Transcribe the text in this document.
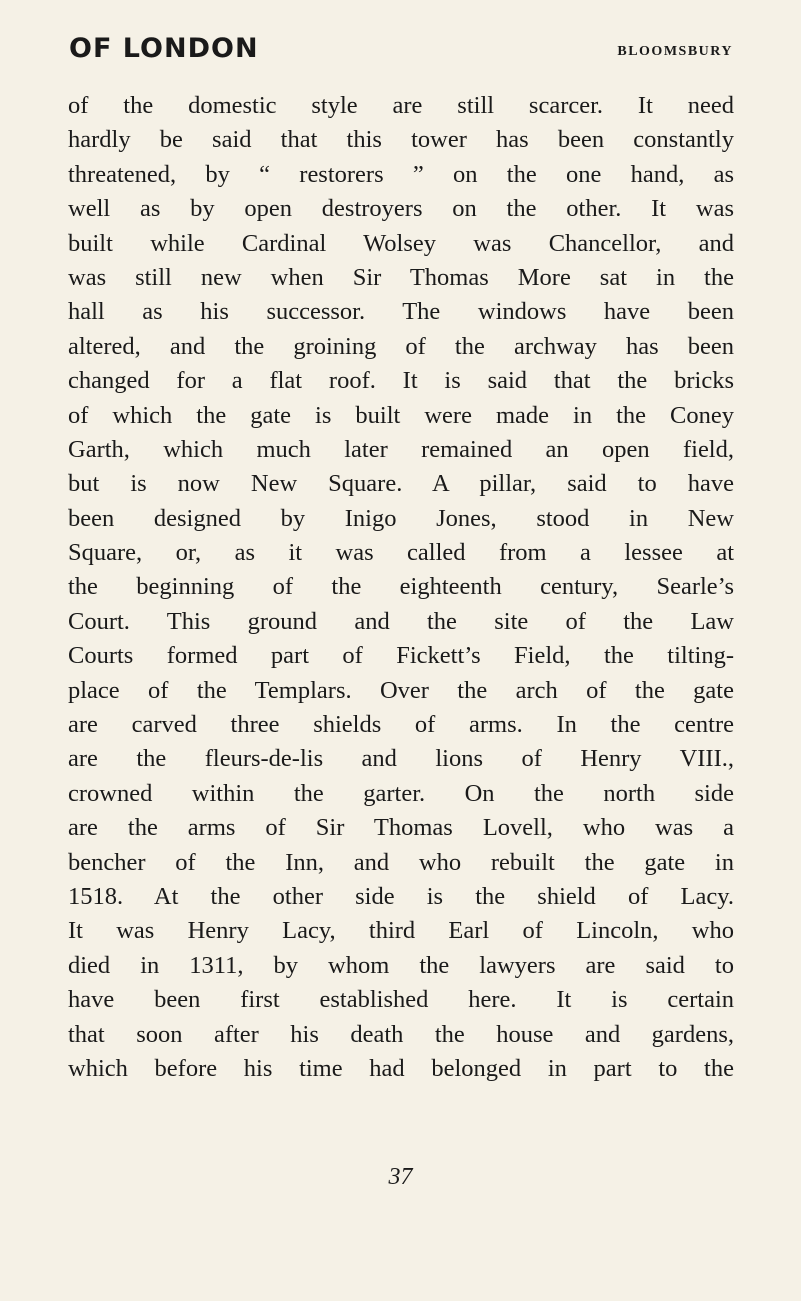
OF LONDON	BLOOMSBURY
of the domestic style are still scarcer. It need
hardly be said that this tower has been constantly
threatened, by “ restorers ” on the one hand, as
well as by open destroyers on the other. It was
built while Cardinal Wolsey was Chancellor, and
was still new when Sir Thomas More sat in the
hall as his successor. The windows have been
altered, and the groining of the archway has been
changed for a flat roof. It is said that the bricks
of which the gate is built were made in the Coney
Garth, which much later remained an open field,
but is now New Square. A pillar, said to have
been designed by Inigo Jones, stood in New
Square, or, as it was called from a lessee at
the beginning of the eighteenth century, Searle’s
Court. This ground and the site of the Law
Courts formed part of Fickett’s Field, the tilting-
place of the Templars. Over the arch of the gate
are carved three shields of arms. In the centre
are the fleurs-de-lis and lions of Henry VIII.,
crowned within the garter. On the north side
are the arms of Sir Thomas Lovell, who was a
bencher of the Inn, and who rebuilt the gate in
1518. At the other side is the shield of Lacy.
It was Henry Lacy, third Earl of Lincoln, who
died in 1311, by whom the lawyers are said to
have been first established here. It is certain
that soon after his death the house and gardens,
which before his time had belonged in part to the
37
